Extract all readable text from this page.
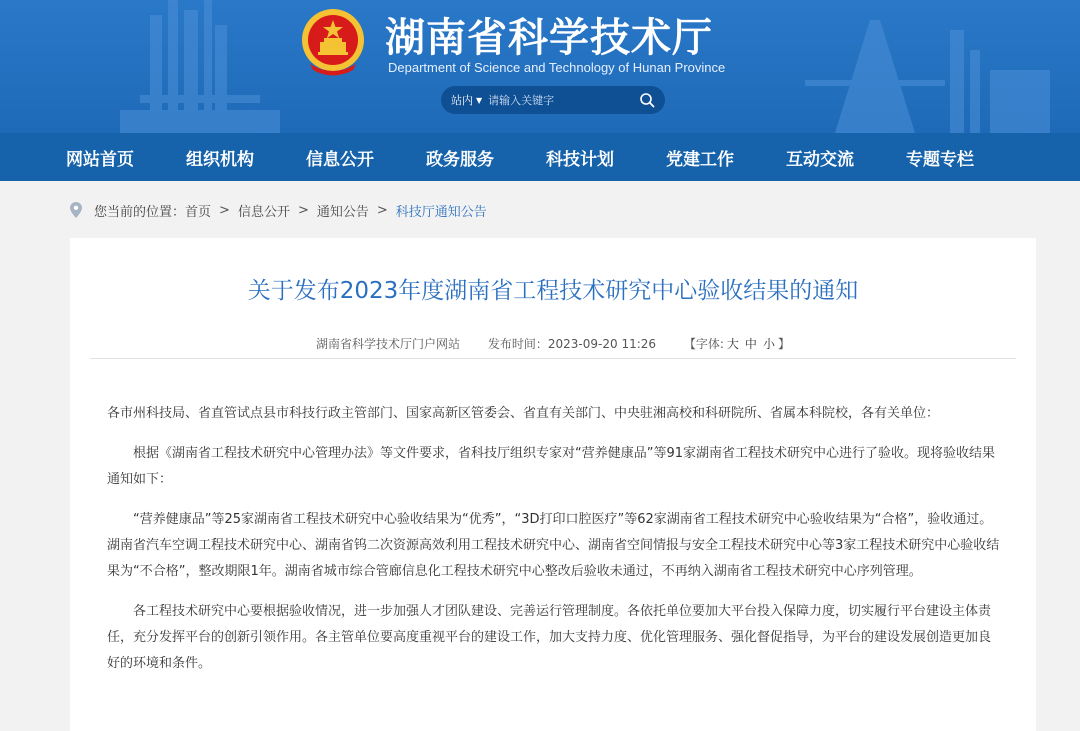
湖南省科学技术厅
Department of Science and Technology of Hunan Province
站内 ▼ 请输入关键字
网站首页	组织机构	信息公开	政务服务	科技计划	党建工作	互动交流	专题专栏
您当前的位置： 首页 > 信息公开 > 通知公告 > 科技厅通知公告
关于发布2023年度湖南省工程技术研究中心验收结果的通知
湖南省科学技术厅门户网站 发布时间：2023-09-20 11:26 【字体: 大 中 小 】

各市州科技局、省直管试点县市科技行政主管部门、国家高新区管委会、省直有关部门、中央驻湘高校和科研院所、省属本科院校，各有关单位：

根据《湖南省工程技术研究中心管理办法》等文件要求，省科技厅组织专家对“营养健康品”等91家湖南省工程技术研究中心进行了验收。现将验收结果通知如下：

“营养健康品”等25家湖南省工程技术研究中心验收结果为“优秀”，“3D打印口腔医疗”等62家湖南省工程技术研究中心验收结果为“合格”，验收通过。湖南省汽车空调工程技术研究中心、湖南省钨二次资源高效利用工程技术研究中心、湖南省空间情报与安全工程技术研究中心等3家工程技术研究中心验收结果为“不合格”，整改期限1年。湖南省城市综合管廊信息化工程技术研究中心整改后验收未通过，不再纳入湖南省工程技术研究中心序列管理。

各工程技术研究中心要根据验收情况，进一步加强人才团队建设、完善运行管理制度。各依托单位要加大平台投入保障力度，切实履行平台建设主体责任，充分发挥平台的创新引领作用。各主管单位要高度重视平台的建设工作，加大支持力度、优化管理服务、强化督促指导，为平台的建设发展创造更加良好的环境和条件。
